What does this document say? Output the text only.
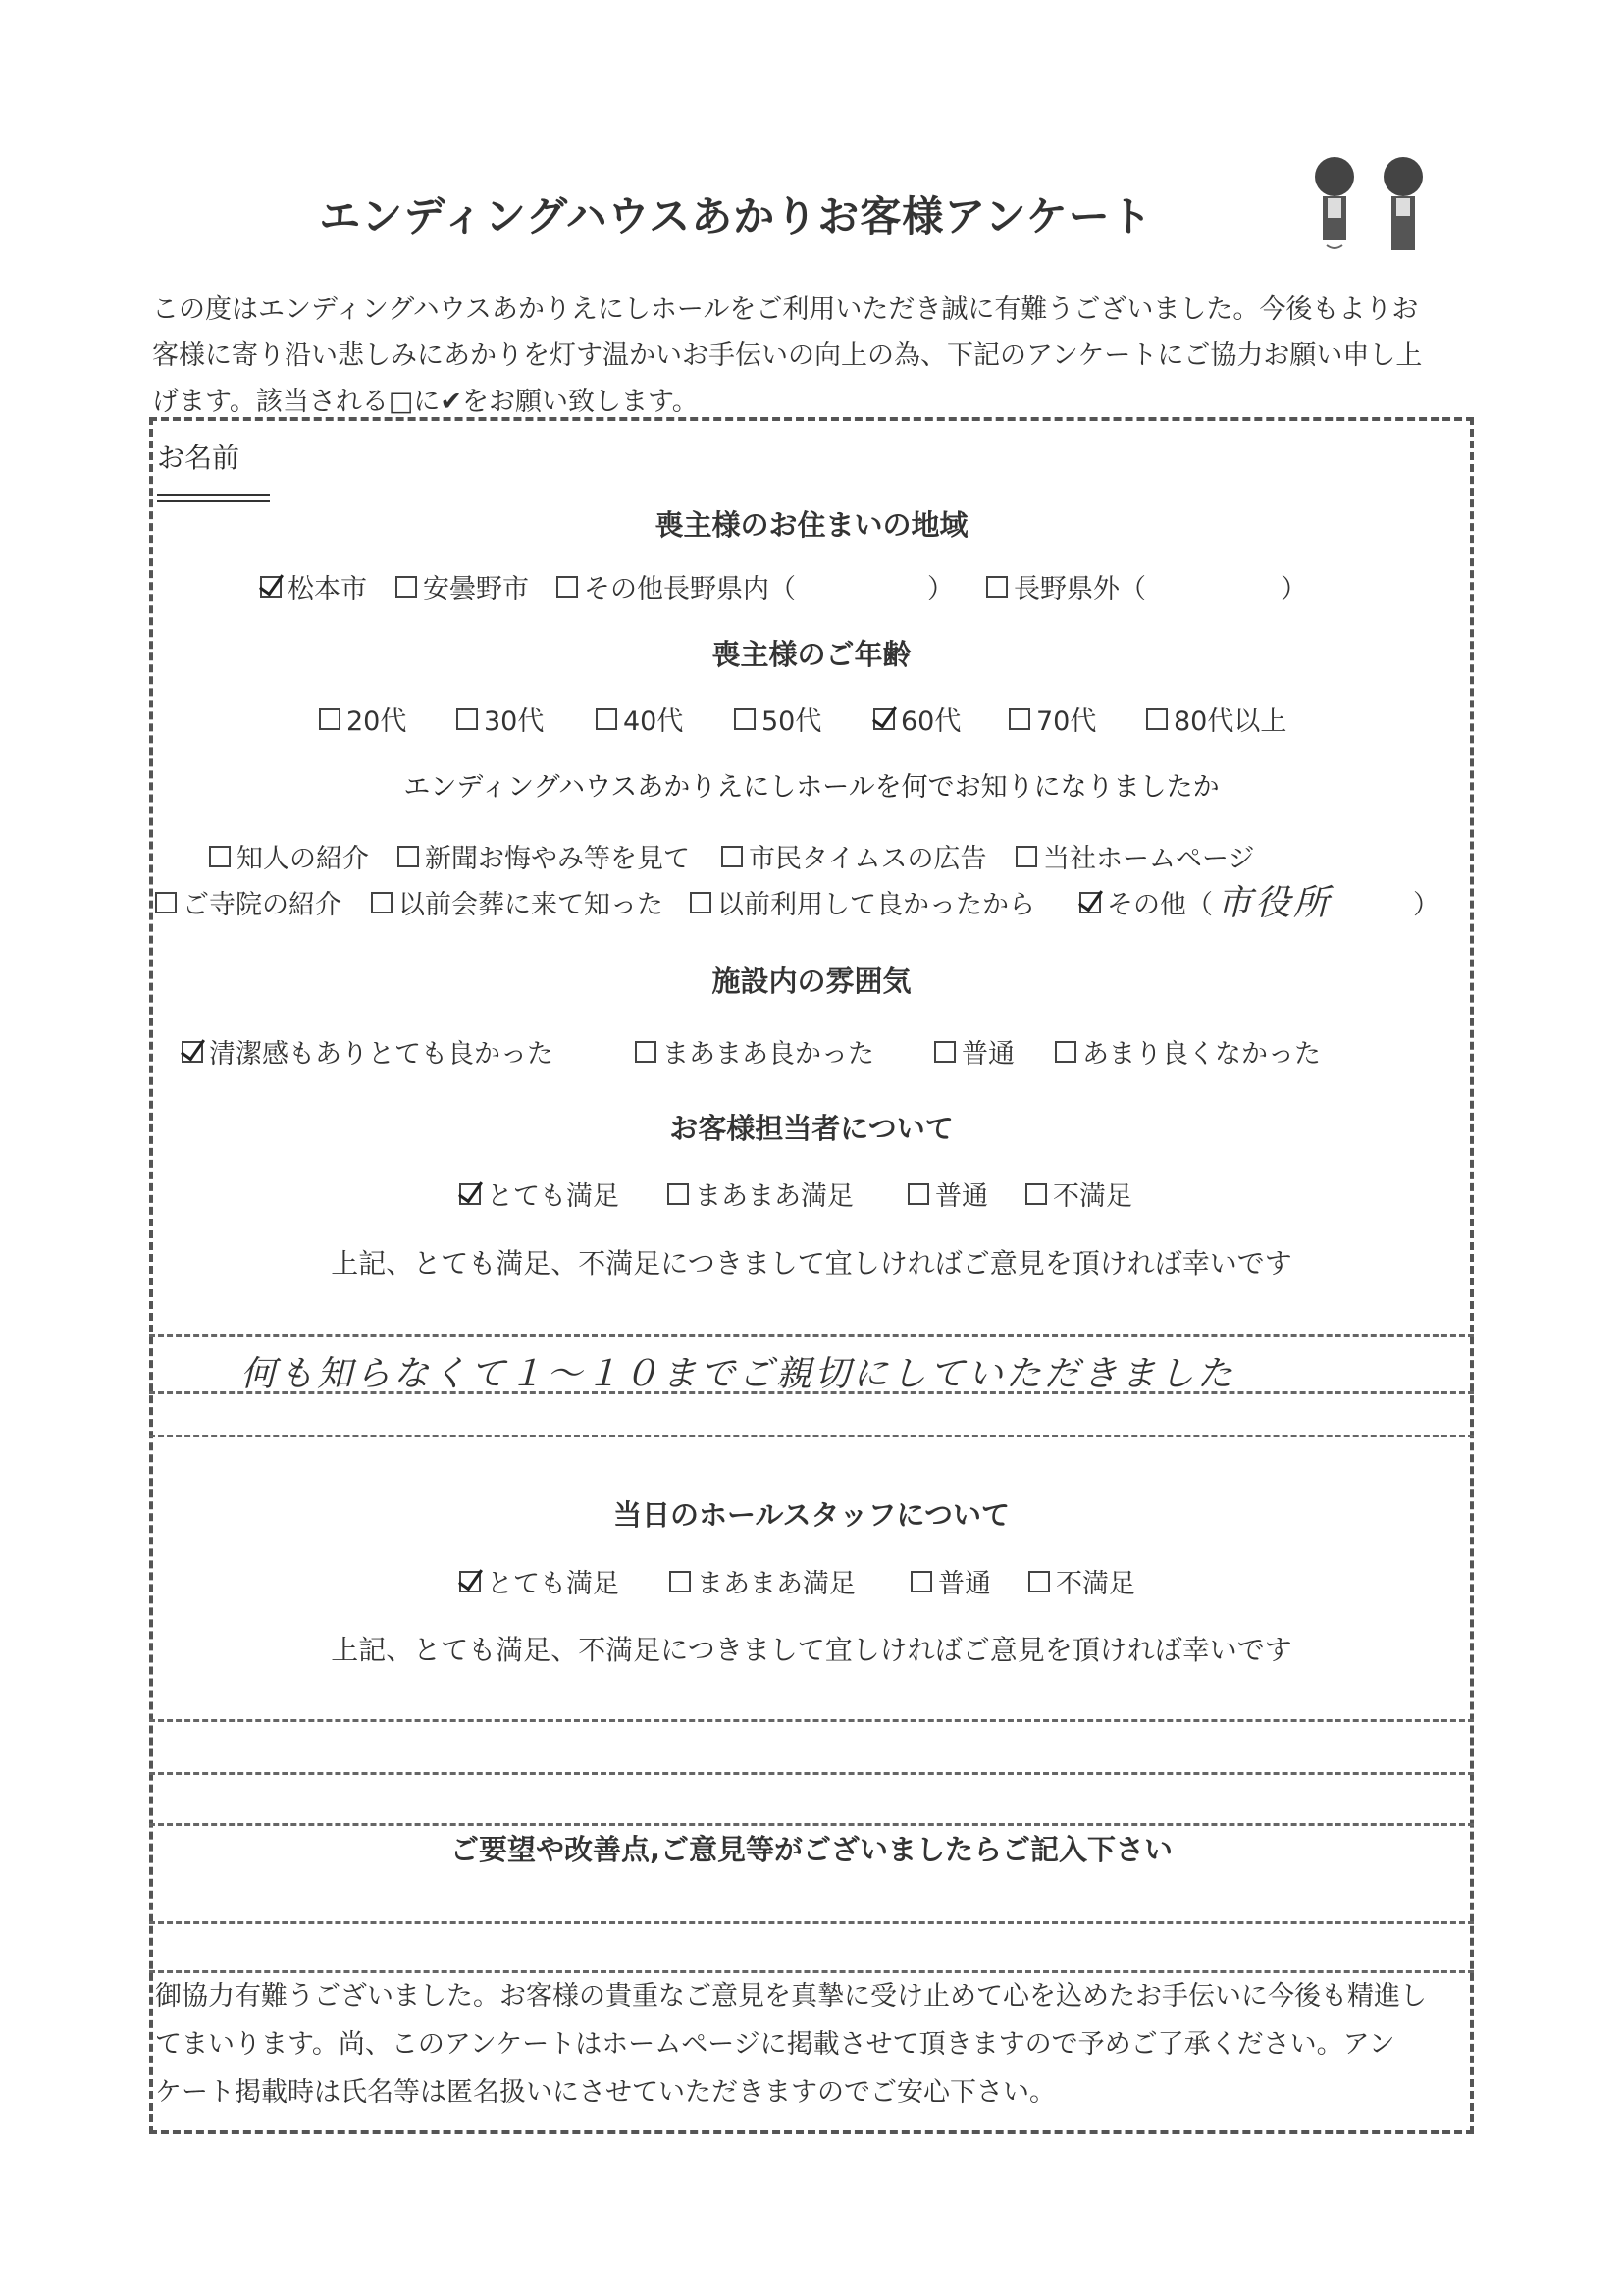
エンディングハウスあかりお客様アンケート
この度はエンディングハウスあかりえにしホールをご利用いただき誠に有難うございました。今後もよりお
客様に寄り沿い悲しみにあかりを灯す温かいお手伝いの向上の為、下記のアンケートにご協力お願い申し上
げます。該当される□に✔をお願い致します。
お名前
喪主様のお住まいの地域
松本市 安曇野市 その他長野県内（	） 長野県外（	）
喪主様のご年齢
20代	30代	40代	50代	60代	70代	80代以上
エンディングハウスあかりえにしホールを何でお知りになりましたか
知人の紹介 新聞お悔やみ等を見て 市民タイムスの広告 当社ホームページ
ご寺院の紹介 以前会葬に来て知った 以前利用して良かったから	その他（ 市役所	）
施設内の雰囲気
清潔感もありとても良かった	まあまあ良かった	普通	あまり良くなかった
お客様担当者について
とても満足	まあまあ満足	普通 不満足
上記、とても満足、不満足につきまして宜しければご意見を頂ければ幸いです
何も知らなくて１～１０までご親切にしていただきました
当日のホールスタッフについて
とても満足	まあまあ満足	普通 不満足
上記、とても満足、不満足につきまして宜しければご意見を頂ければ幸いです
ご要望や改善点,ご意見等がございましたらご記入下さい
御協力有難うございました。お客様の貴重なご意見を真摯に受け止めて心を込めたお手伝いに今後も精進し
てまいります。尚、このアンケートはホームページに掲載させて頂きますので予めご了承ください。アン
ケート掲載時は氏名等は匿名扱いにさせていただきますのでご安心下さい。
